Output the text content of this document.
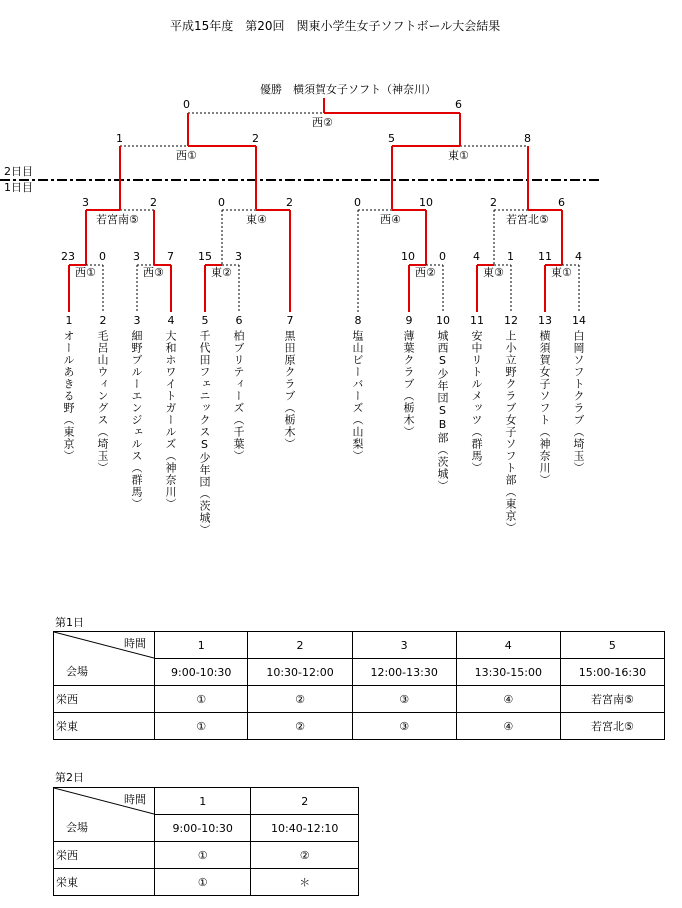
平成15年度　第20回　関東小学生女子ソフトボール大会結果
優勝　横須賀女子ソフト（神奈川）
2日目
1日目
0	6
西②
1	2
西①
5	8
東①
3	2
若宮南⑤
0	2
東④
0	10
西④
2	6
若宮北⑤
23 0
西①
3 7
西③
15 3
東②
10 0
西②
4 1
東③
11 4
東①
1	2	3	4	5	6	7	8	9	10	11	12	13	14
オールあきる野（東京） 毛呂山ウィングス（埼玉） 細野ブルーエンジェルス（群馬） 大和ホワイトガールズ（神奈川） 千代田フェニックスS少年団（茨城） 柏ブリティーズ（千葉）	黒田原クラブ（栃木）	塩山ビーバーズ（山梨）	薄葉クラブ（栃木） 城西S少年団SB部（茨城） 安中リトルメッツ（群馬） 上小立野クラブ女子ソフト部（東京） 横須賀女子ソフト（神奈川） 白岡ソフトクラブ（埼玉）
第1日
時間
会場	1	2	3	4	5
	9:00-10:30	10:30-12:00	12:00-13:30	13:30-15:00	15:00-16:30
栄西	①	②	③	④	若宮南⑤
栄東	①	②	③	④	若宮北⑤
第2日
時間
会場	1	2
	9:00-10:30	10:40-12:10
栄西	①	②
栄東	①	＊
